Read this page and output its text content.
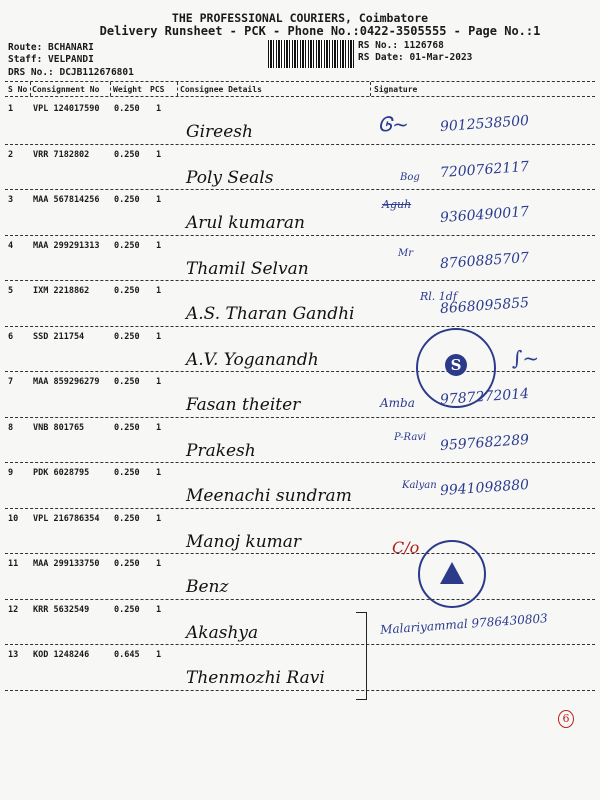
THE PROFESSIONAL COURIERS, Coimbatore
Delivery Runsheet - PCK - Phone No.:0422-3505555 - Page No.:1
Route: BCHANARI
Staff: VELPANDI
DRS No.: DCJB112676801
RS No.: 1126768
RS Date: 01-Mar-2023
S No Consignment No Weight PCS Consignee Details	Signature
1 VPL 124017590 0.250 1
Gireesh	9012538500
2 VRR 7182802	0.250 1
Poly Seals	7200762117
3 MAA 567814256 0.250 1
Arul kumaran	9360490017
4 MAA 299291313 0.250 1
Thamil Selvan	8760885707
5 IXM 2218862	0.250 1
A.S. Tharan Gandhi	8668095855
6 SSD 211754	0.250 1
A.V. Yoganandh
7 MAA 859296279 0.250 1
Fasan theiter	9787272014
8 VNB 801765	0.250 1
Prakesh	9597682289
9 PDK 6028795	0.250 1
Meenachi sundram	9941098880
10 VPL 216786354 0.250 1
Manoj kumar
11 MAA 299133750 0.250 1
Benz
12 KRR 5632549	0.250 1
Akashya	Malariyammal 9786430803
13 KOD 1248246	0.645 1
Thenmozhi Ravi
S
Ꮆ~
Bog
Aguh
Mr
Rl. 1df
∫~
Amba
P-Ravi
Kalyan
C/o
6
